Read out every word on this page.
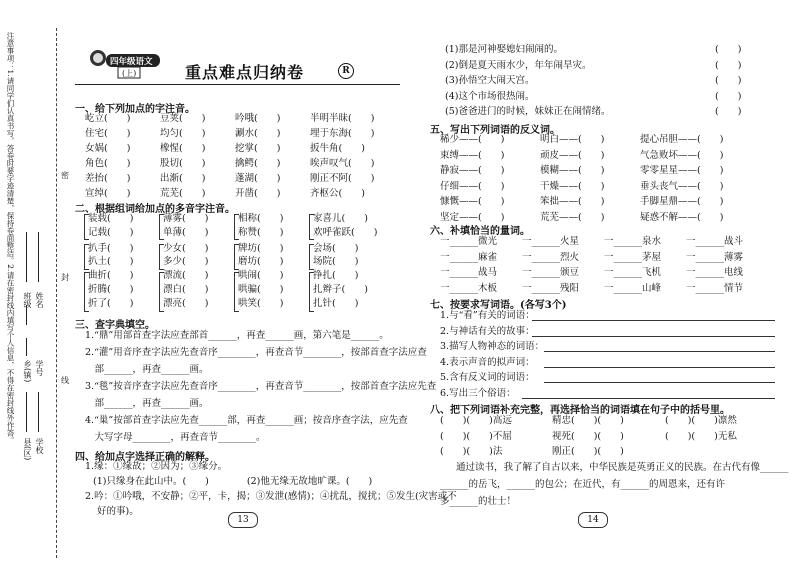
注意事项：1.请同学们认真书写，答卷时要字迹清楚，保持卷面整洁。2.请在密封线内填写个人信息，不得在密封线外作答。	密
封
线
班级 姓名
学校
县(区)
乡(镇) 学号
四年级语文
(上)	重点难点归纳卷	R
一、给下列加点的字注音。
屹立(　　)	豆荚(　　)	吟哦(　　)	半明半昧(　　)
住宅(　　)	均匀(　　)	涮水(　　)	埋于东海(　　)
女娲(　　)	橡惺(　　)	挖掌(　　)	扳牛角(　　)
角色(　　)	股切(　　)	擒鳄(　　)	唉声叹气(　　)
差抬(　　)	出渐(　　)	蓬湖(　　)	刚正不阿(　　)
宣绰(　　)	荒芜(　　)	开凿(　　)	齐枢公(　　)
二、根据组词给加点的多音字注音。
装载(　　)	薄雾(　　)	相称(　　)	家喜儿(　　)
记载(　　)	单薄(　　)	称赞(　　)	欢呼雀跃(　　)
扒手(　　)	少女(　　)	牌坊(　　)	会场(　　)
扒土(　　)	多少(　　)	磨坊(　　)	场院(　　)
曲折(　　)	漂流(　　)	哄闹(　　)	挣扎(　　)
折腾(　　)	漂白(　　)	哄骗(　　)	扎辫子(　　)
折了(　　)	漂亮(　　)	哄笑(　　)	扎针(　　)
三、查字典填空。
1.“鼎”用部首查字法应查部首______，再查______画，第六笔是______。
2.“灌”用音序查字法应先查音序________，再查音节________，按部首查字法应查
　部______，再查______画。
3.“毯”按音序查字法应先查音序________，再查音节________，按部首查字法应先查
　部______，再查______画。
4.“巢”按部首查字法应先查______部，再查______画；按音序查字法，应先查
　大写字母________，再查音节________。
四、给加点字选择正确的解释。
1.缘：①缘故；②因为；③缘分。
(1)只缘身在此山中。(　　)　　　　(2)他无缘无故地旷课。(　　)
2.吟：①吟哦，不安静；②平，卡，揭；③发泄(感情)；④扰乱，搅扰；⑤发生(灾害或不
好的事)。
13
(1)那是河神娶媳妇闹闹的。	(　　)
(2)倒是夏天雨水少，年年闹旱灾。	(　　)
(3)孙悟空大闹天宫。	(　　)
(4)这个市场很热闹。	(　　)
(5)爸爸进门的时候，妹妹正在闹情绪。	(　　)
五、写出下列词语的反义词。
稀少——(　　)	明白——(　　)	提心吊胆——(　　)
束缚——(　　)	顽皮——(　　)	气急败坏——(　　)
静寂——(　　)	模糊——(　　)	零零星星——(　　)
仔细——(　　)	干燥——(　　)	垂头丧气——(　　)
慷慨——(　　)	笨拙——(　　)	手脚星鼎——(　　)
坚定——(　　)	荒芜——(　　)	疑惑不解——(　　)
六、补填恰当的量词。
一______微光	一______火星	一______泉水	一______战斗
一______麻雀	一______烈火	一______茅屋	一______薄雾
一______战马	一______颁豆	一______飞机	一______电线
一______木板	一______残阳	一______山峰	一______情节
七、按要求写词语。(各写3个)
1.与“看”有关的词语：
2.与神话有关的故事：
3.描写人物神态的词语：
4.表示声音的拟声词：
5.含有反义词的词语：
6.写出三个俗语：
八、把下列词语补充完整，再选择恰当的词语填在句子中的括号里。
(　　)(　　)高远	精忠(　　)(　　)	(　　)(　　)凛然
(　　)(　　)不屈	视死(　　)(　　)	(　　)(　　)无私
(　　)(　　)法	刚正(　　)(　　)
通过读书，我了解了自古以来，中华民族是英勇正义的民族。在古代有像______
______的岳飞，______的包公；在近代，有______的周恩来，还有许
多______的壮士！
14
